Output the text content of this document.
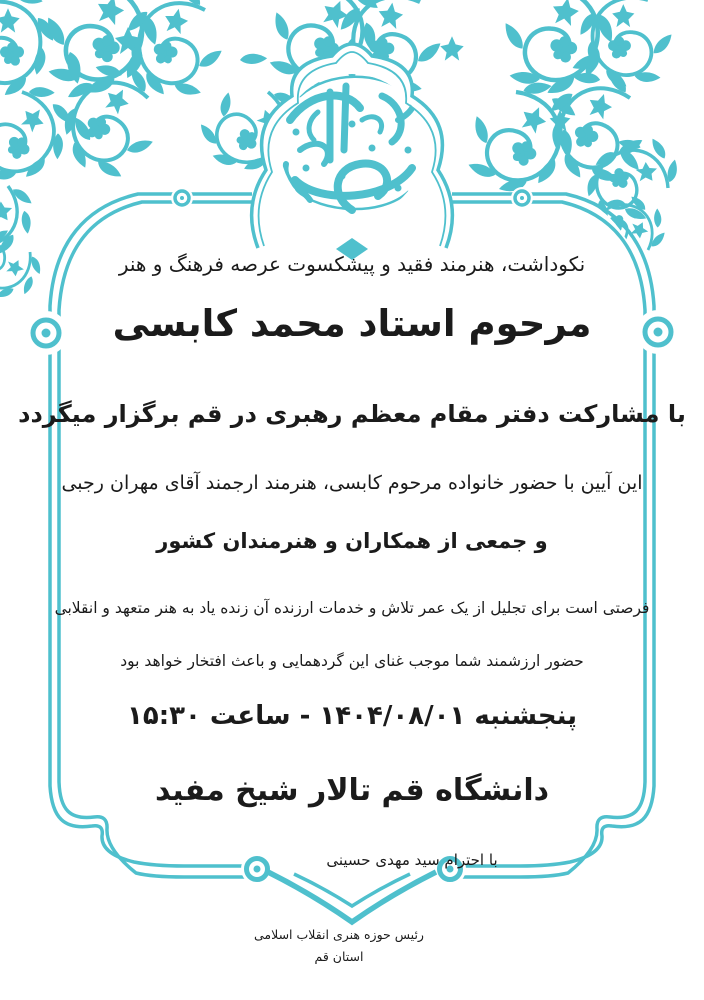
نکوداشت، هنرمند فقید و پیشکسوت عرصه فرهنگ و هنر
مرحوم استاد محمد کابسی
با مشارکت دفتر مقام معظم رهبری در قم برگزار میگردد
این آیین با حضور خانواده مرحوم کابسی، هنرمند ارجمند آقای مهران رجبی
و جمعی از همکاران و هنرمندان کشور
فرصتی است برای تجلیل از یک عمر تلاش و خدمات ارزنده آن زنده یاد به هنر متعهد و انقلابی
حضور ارزشمند شما موجب غنای این گردهمایی و باعث افتخار خواهد بود
پنجشنبه ۱۴۰۴/۰۸/۰۱ - ساعت ۱۵:۳۰
دانشگاه قم تالار شیخ مفید
با احترام سید مهدی حسینی
رئیس حوزه هنری انقلاب اسلامی
استان قم
